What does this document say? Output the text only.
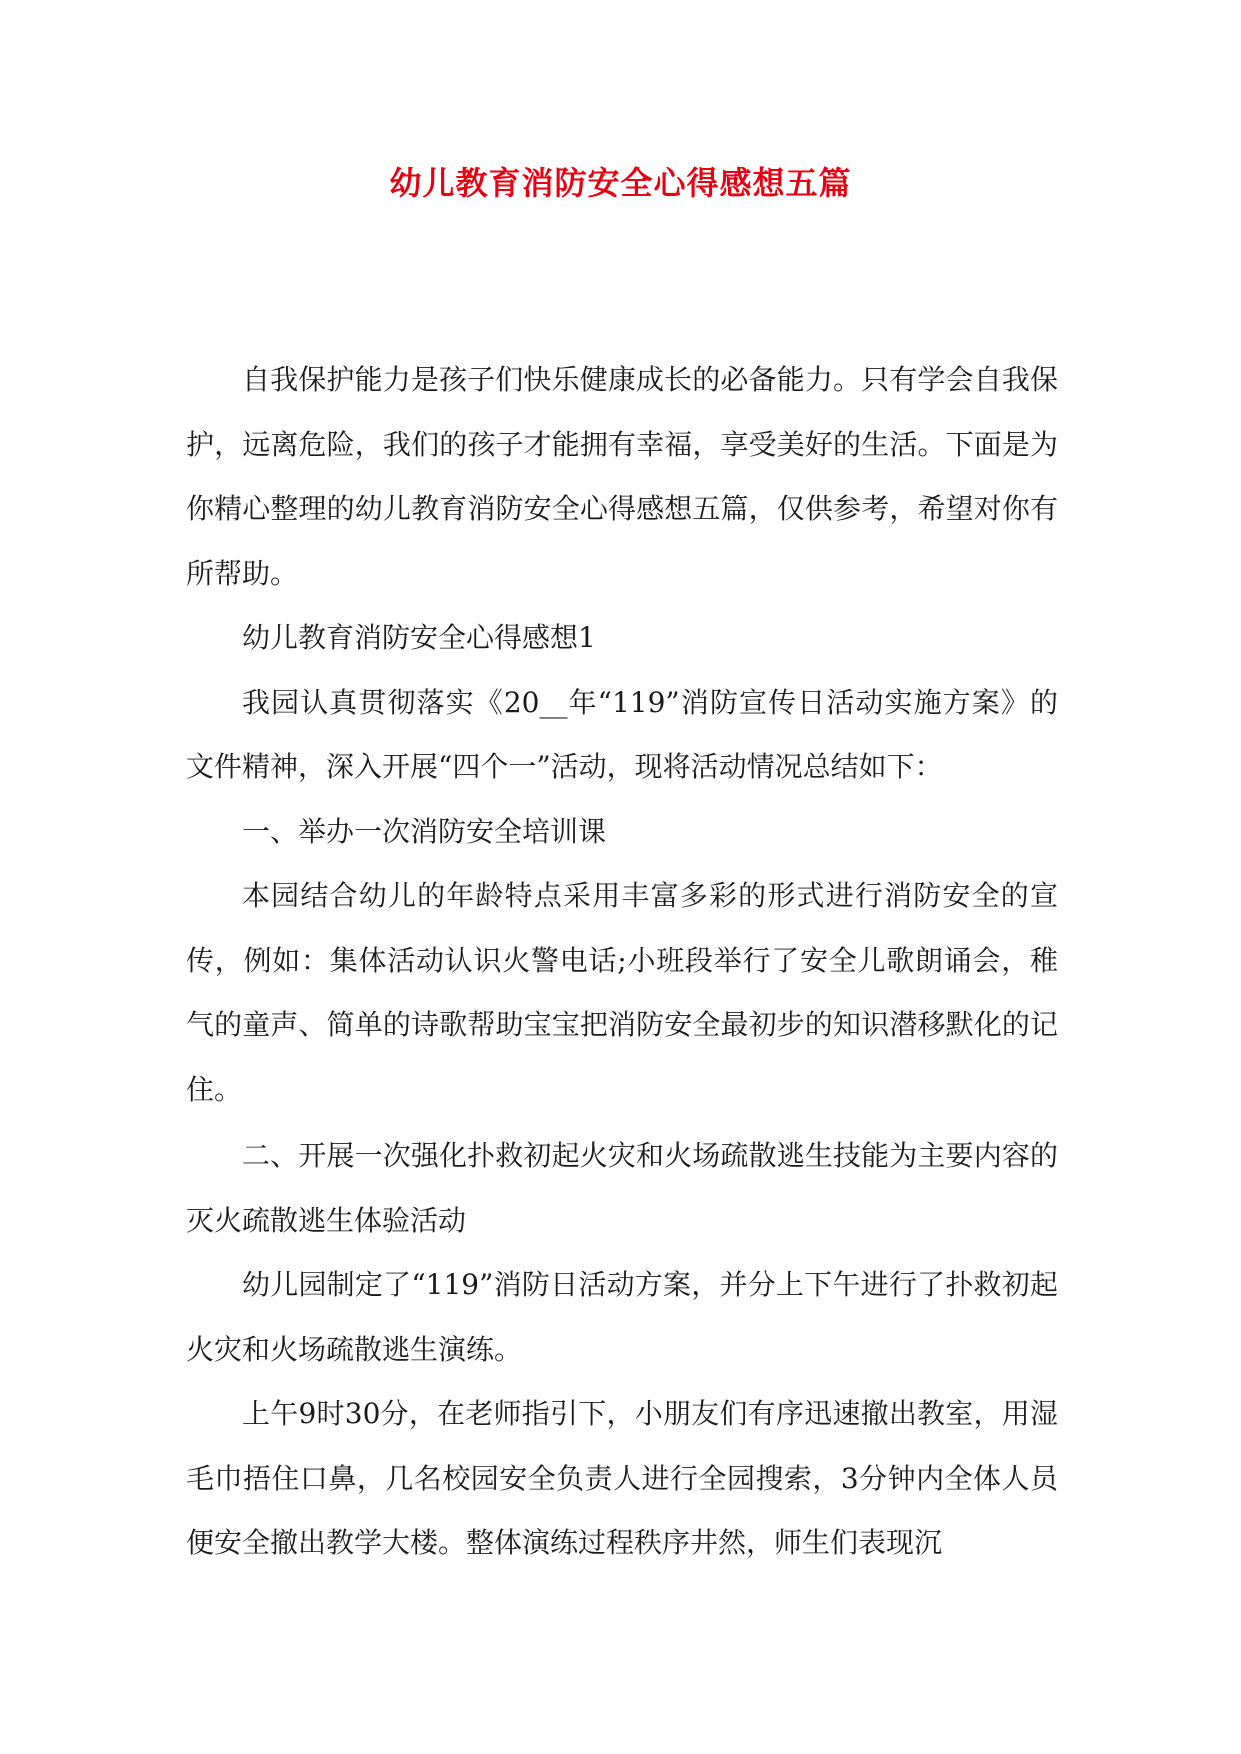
幼儿教育消防安全心得感想五篇

自我保护能力是孩子们快乐健康成长的必备能力。只有学会自我保护，远离危险，我们的孩子才能拥有幸福，享受美好的生活。下面是为你精心整理的幼儿教育消防安全心得感想五篇，仅供参考，希望对你有所帮助。

幼儿教育消防安全心得感想1

我园认真贯彻落实《20__年“119”消防宣传日活动实施方案》的文件精神，深入开展“四个一”活动，现将活动情况总结如下：

一、举办一次消防安全培训课

本园结合幼儿的年龄特点采用丰富多彩的形式进行消防安全的宣传，例如：集体活动认识火警电话;小班段举行了安全儿歌朗诵会，稚气的童声、简单的诗歌帮助宝宝把消防安全最初步的知识潜移默化的记住。

二、开展一次强化扑救初起火灾和火场疏散逃生技能为主要内容的灭火疏散逃生体验活动

幼儿园制定了“119”消防日活动方案，并分上下午进行了扑救初起火灾和火场疏散逃生演练。

上午9时30分，在老师指引下，小朋友们有序迅速撤出教室，用湿毛巾捂住口鼻，几名校园安全负责人进行全园搜索，3分钟内全体人员便安全撤出教学大楼。整体演练过程秩序井然，师生们表现沉
